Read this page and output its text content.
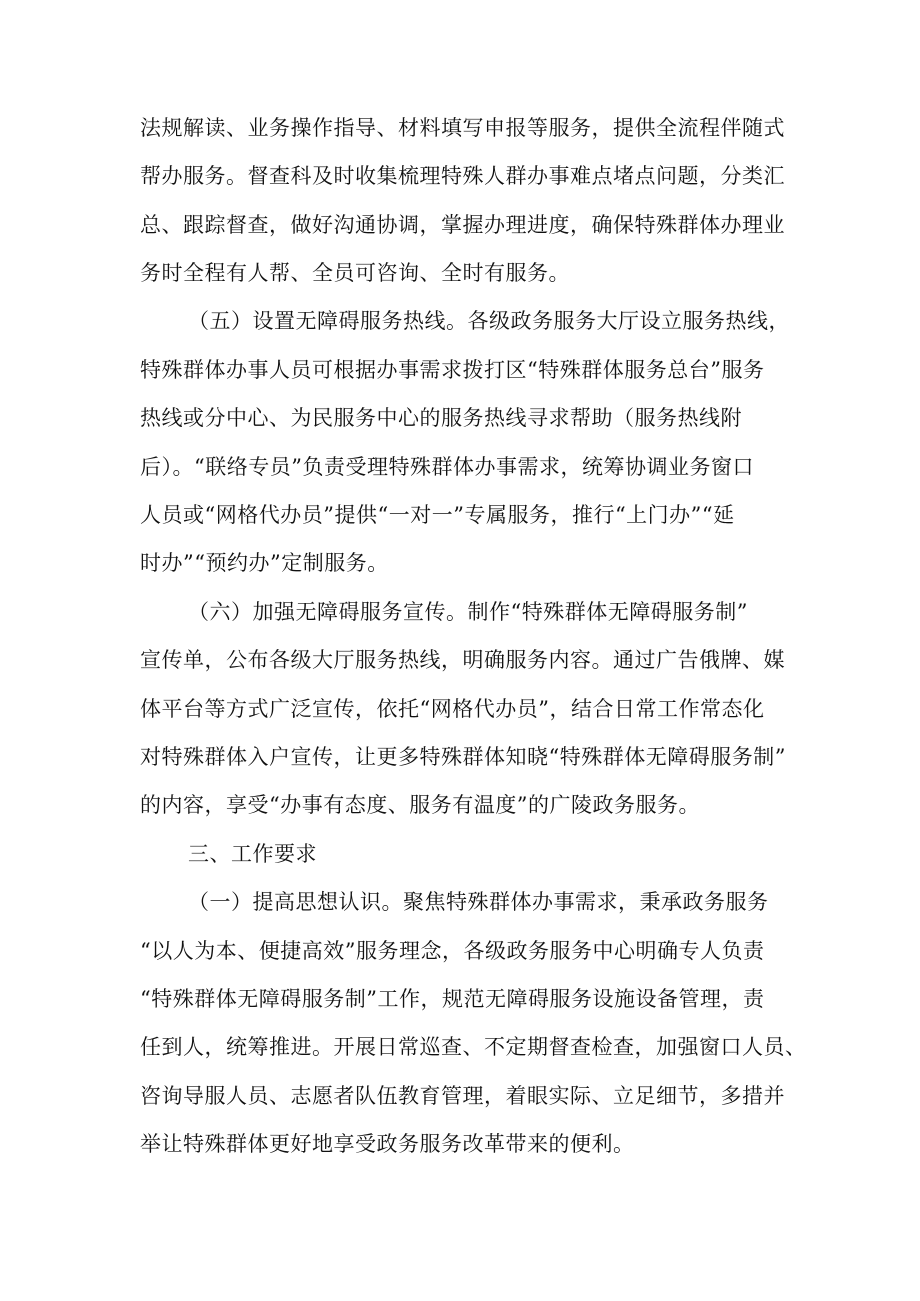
法规解读、业务操作指导、材料填写申报等服务，提供全流程伴随式
帮办服务。督查科及时收集梳理特殊人群办事难点堵点问题，分类汇
总、跟踪督查，做好沟通协调，掌握办理进度，确保特殊群体办理业
务时全程有人帮、全员可咨询、全时有服务。
（五）设置无障碍服务热线。各级政务服务大厅设立服务热线，
特殊群体办事人员可根据办事需求拨打区“特殊群体服务总台”服务
热线或分中心、为民服务中心的服务热线寻求帮助（服务热线附
后）。“联络专员”负责受理特殊群体办事需求，统筹协调业务窗口
人员或“网格代办员”提供“一对一”专属服务，推行“上门办”“延
时办”“预约办”定制服务。
（六）加强无障碍服务宣传。制作“特殊群体无障碍服务制”
宣传单，公布各级大厅服务热线，明确服务内容。通过广告俄牌、媒
体平台等方式广泛宣传，依托“网格代办员”，结合日常工作常态化
对特殊群体入户宣传，让更多特殊群体知晓“特殊群体无障碍服务制”
的内容，享受“办事有态度、服务有温度”的广陵政务服务。
三、工作要求
（一）提高思想认识。聚焦特殊群体办事需求，秉承政务服务
“以人为本、便捷高效”服务理念，各级政务服务中心明确专人负责
“特殊群体无障碍服务制”工作，规范无障碍服务设施设备管理，责
任到人，统筹推进。开展日常巡查、不定期督查检查，加强窗口人员、
咨询导服人员、志愿者队伍教育管理，着眼实际、立足细节，多措并
举让特殊群体更好地享受政务服务改革带来的便利。
